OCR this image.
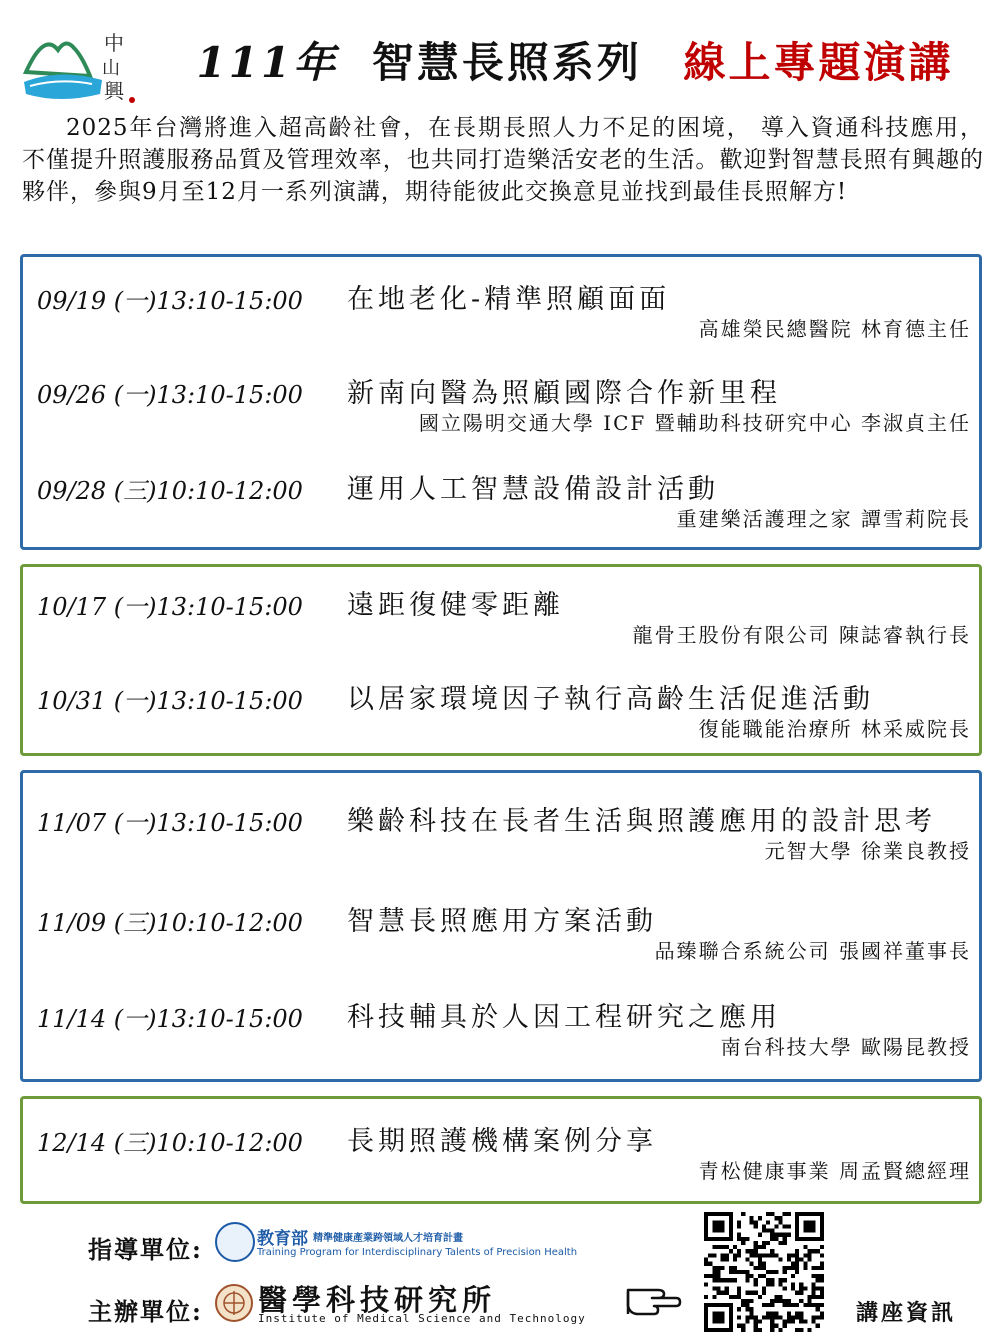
中
山
興
111年 智慧長照系列 線上專題演講

2025年台灣將進入超高齡社會，在長期長照人力不足的困境， 導入資通科技應用， 不僅提升照護服務品質及管理效率，也共同打造樂活安老的生活。歡迎對智慧長照有興趣的夥伴，參與9月至12月一系列演講，期待能彼此交換意見並找到最佳長照解方!

09/19 (一)13:10-15:00 在地老化-精準照顧面面
高雄榮民總醫院 林育德主任
09/26 (一)13:10-15:00 新南向醫為照顧國際合作新里程
國立陽明交通大學 ICF 暨輔助科技研究中心 李淑貞主任
09/28 (三)10:10-12:00 運用人工智慧設備設計活動
重建樂活護理之家 譚雪莉院長
10/17 (一)13:10-15:00 遠距復健零距離
龍骨王股份有限公司 陳誌睿執行長
10/31 (一)13:10-15:00 以居家環境因子執行高齡生活促進活動
復能職能治療所 林采威院長
11/07 (一)13:10-15:00 樂齡科技在長者生活與照護應用的設計思考
元智大學 徐業良教授
11/09 (三)10:10-12:00 智慧長照應用方案活動
品臻聯合系統公司 張國祥董事長
11/14 (一)13:10-15:00 科技輔具於人因工程研究之應用
南台科技大學 歐陽昆教授
12/14 (三)10:10-12:00 長期照護機構案例分享
青松健康事業 周孟賢總經理
指導單位:	教育部 精準健康產業跨領域人才培育計畫
Training Program for Interdisciplinary Talents of Precision Health
主辦單位: 醫學科技研究所
Institute of Medical Science and Technology	講座資訊
